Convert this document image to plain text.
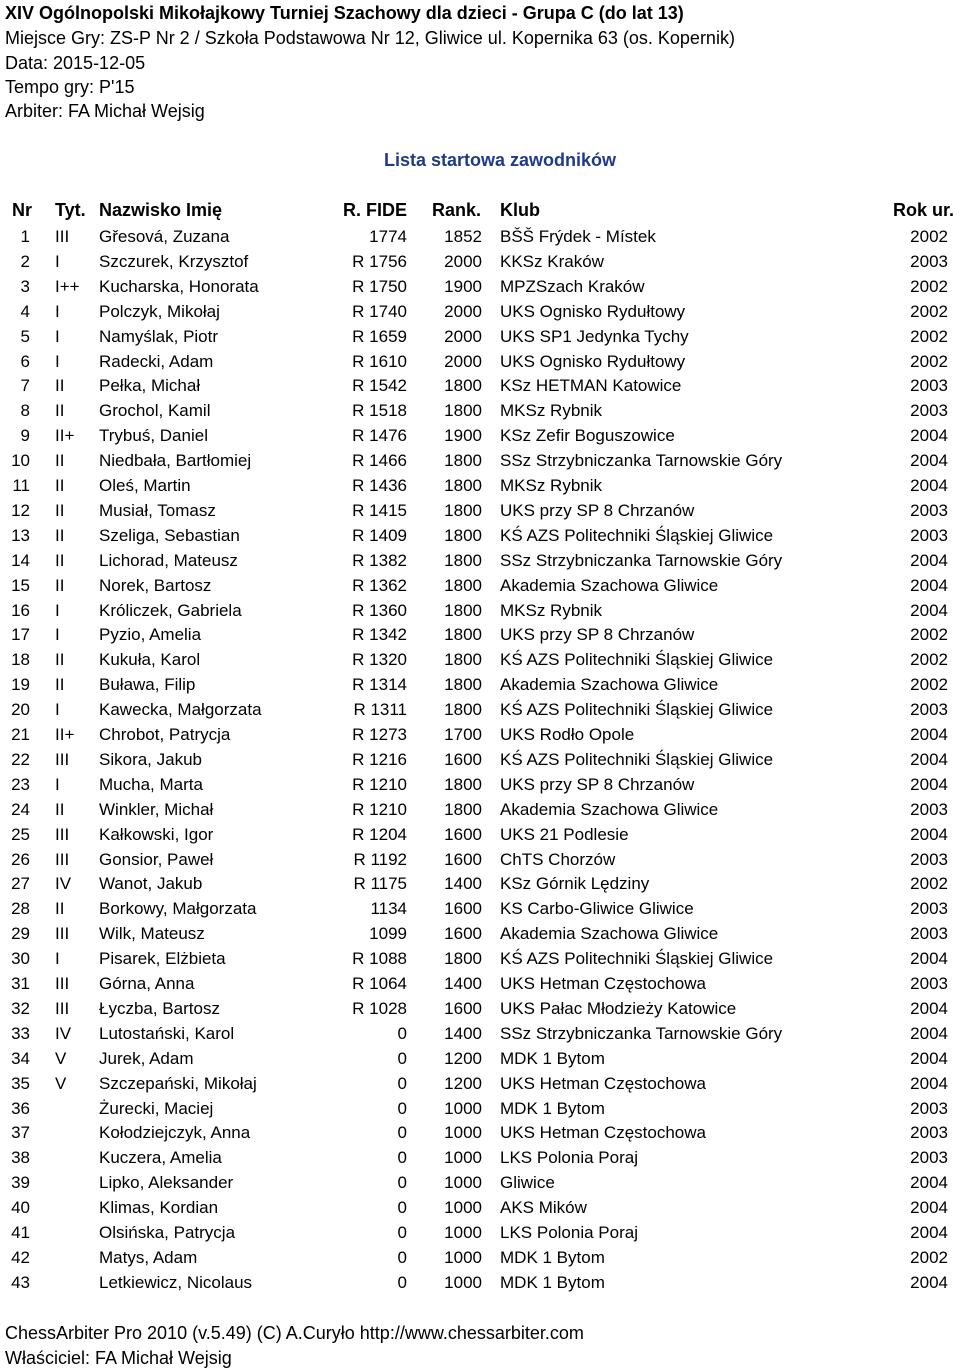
XIV Ogólnopolski Mikołajkowy Turniej Szachowy dla dzieci - Grupa C (do lat 13)
Miejsce Gry: ZS-P Nr 2 / Szkoła Podstawowa Nr 12, Gliwice ul. Kopernika 63 (os. Kopernik)
Data: 2015-12-05
Tempo gry: P'15
Arbiter: FA Michał Wejsig
Lista startowa zawodników
Nr Tyt. Nazwisko Imię	R. FIDE Rank. Klub	Rok ur.
1 III Gřesová, Zuzana	1774	1852 BŠŠ Frýdek - Místek	2002
2 I Szczurek, Krzysztof	R 1756	2000 KKSz Kraków	2003
3 I++ Kucharska, Honorata	R 1750	1900 MPZSzach Kraków	2002
4 I Polczyk, Mikołaj	R 1740	2000 UKS Ognisko Rydułtowy	2002
5 I Namyślak, Piotr	R 1659	2000 UKS SP1 Jedynka Tychy	2002
6 I Radecki, Adam	R 1610	2000 UKS Ognisko Rydułtowy	2002
7 II Pełka, Michał	R 1542	1800 KSz HETMAN Katowice	2003
8 II Grochol, Kamil	R 1518	1800 MKSz Rybnik	2003
9 II+ Trybuś, Daniel	R 1476	1900 KSz Zefir Boguszowice	2004
10 II Niedbała, Bartłomiej	R 1466	1800 SSz Strzybniczanka Tarnowskie Góry	2004
11 II Oleś, Martin	R 1436	1800 MKSz Rybnik	2004
12 II Musiał, Tomasz	R 1415	1800 UKS przy SP 8 Chrzanów	2003
13 II Szeliga, Sebastian	R 1409	1800 KŚ AZS Politechniki Śląskiej Gliwice	2003
14 II Lichorad, Mateusz	R 1382	1800 SSz Strzybniczanka Tarnowskie Góry	2004
15 II Norek, Bartosz	R 1362	1800 Akademia Szachowa Gliwice	2004
16 I Króliczek, Gabriela	R 1360	1800 MKSz Rybnik	2004
17 I Pyzio, Amelia	R 1342	1800 UKS przy SP 8 Chrzanów	2002
18 II Kukuła, Karol	R 1320	1800 KŚ AZS Politechniki Śląskiej Gliwice	2002
19 II Buława, Filip	R 1314	1800 Akademia Szachowa Gliwice	2002
20 I Kawecka, Małgorzata	R 1311	1800 KŚ AZS Politechniki Śląskiej Gliwice	2003
21 II+ Chrobot, Patrycja	R 1273	1700 UKS Rodło Opole	2004
22 III Sikora, Jakub	R 1216	1600 KŚ AZS Politechniki Śląskiej Gliwice	2004
23 I Mucha, Marta	R 1210	1800 UKS przy SP 8 Chrzanów	2004
24 II Winkler, Michał	R 1210	1800 Akademia Szachowa Gliwice	2003
25 III Kałkowski, Igor	R 1204	1600 UKS 21 Podlesie	2004
26 III Gonsior, Paweł	R 1192	1600 ChTS Chorzów	2003
27 IV Wanot, Jakub	R 1175	1400 KSz Górnik Lędziny	2002
28 II Borkowy, Małgorzata	1134	1600 KS Carbo-Gliwice Gliwice	2003
29 III Wilk, Mateusz	1099	1600 Akademia Szachowa Gliwice	2003
30 I Pisarek, Elżbieta	R 1088	1800 KŚ AZS Politechniki Śląskiej Gliwice	2004
31 III Górna, Anna	R 1064	1400 UKS Hetman Częstochowa	2003
32 III Łyczba, Bartosz	R 1028	1600 UKS Pałac Młodzieży Katowice	2004
33 IV Lutostański, Karol	0	1400 SSz Strzybniczanka Tarnowskie Góry	2004
34 V Jurek, Adam	0	1200 MDK 1 Bytom	2004
35 V Szczepański, Mikołaj	0	1200 UKS Hetman Częstochowa	2004
36	Żurecki, Maciej	0	1000 MDK 1 Bytom	2003
37	Kołodziejczyk, Anna	0	1000 UKS Hetman Częstochowa	2003
38	Kuczera, Amelia	0	1000 LKS Polonia Poraj	2003
39	Lipko, Aleksander	0	1000 Gliwice	2004
40	Klimas, Kordian	0	1000 AKS Mików	2004
41	Olsińska, Patrycja	0	1000 LKS Polonia Poraj	2004
42	Matys, Adam	0	1000 MDK 1 Bytom	2002
43	Letkiewicz, Nicolaus	0	1000 MDK 1 Bytom	2004
ChessArbiter Pro 2010 (v.5.49) (C) A.Curyło http://www.chessarbiter.com
Właściciel: FA Michał Wejsig
